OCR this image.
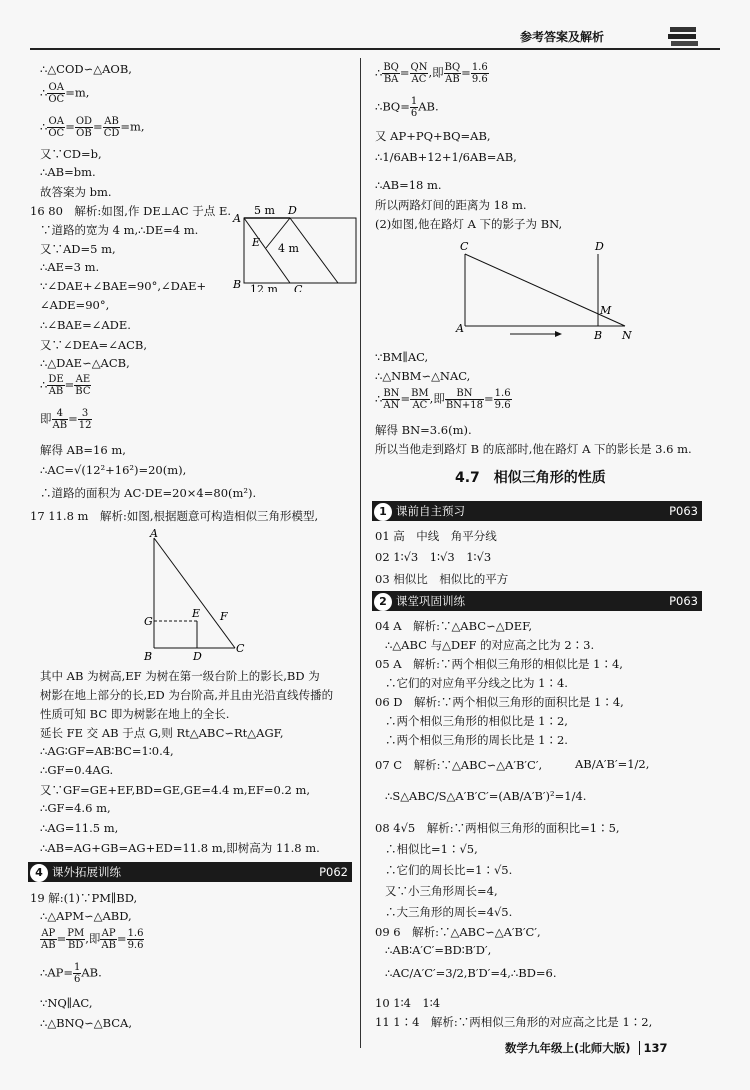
参考答案及解析
∴△COD∽△AOB,
∴ $\frac{OA}{OC} =m$,
∴ $\frac{OA}{OC} = \frac{OD}{OB} = \frac{AB}{CD} =m$,
又∵CD=b,
∴AB=bm.
故答案为 bm.
16 80　解析:如图,作 DE⊥AC 于点 E.
∵道路的宽为 4 m,∴DE=4 m.
又∵AD=5 m,
∴AE=3 m.
∵∠DAE+∠BAE=90°,∠DAE+
∠ADE=90°,
∴∠BAE=∠ADE.
又∵∠DEA=∠ACB,
∴△DAE∽△ACB,
∴ $\frac{DE}{AB} = \frac{AE}{BC}$
即 $\frac{4}{AB} = \frac{3}{12}$
解得 AB=16 m,
∴AC=√(12²+16²)=20(m),
∴道路的面积为 AC·DE=20×4=80(m²).
A
D
E
B	C
5 m
4 m
12 m
17 11.8 m　解析:如图,根据题意可构造相似三角形模型,
A
G
E F
B	D
C
其中 AB 为树高,EF 为树在第一级台阶上的影长,BD 为
树影在地上部分的长,ED 为台阶高,并且由光沿直线传播的
性质可知 BC 即为树影在地上的全长.
延长 FE 交 AB 于点 G,则 Rt△ABC∽Rt△AGF,
∴AG∶GF=AB∶BC=1∶0.4,
∴GF=0.4AG.
又∵GF=GE+EF,BD=GE,GE=4.4 m,EF=0.2 m,
∴GF=4.6 m,
∴AG=11.5 m,
∴AB=AG+GB=AG+ED=11.8 m,即树高为 11.8 m.
4 课外拓展训练	P062
19 解:(1)∵PM∥BD,
∴△APM∽△ABD,
$\frac{AP}{AB} = \frac{PM}{BD}$ ,即 $\frac{AP}{AB} = \frac{1.6}{9.6}$
∴AP= $\frac{1}{6}$ AB.
∵NQ∥AC,
∴△BNQ∽△BCA,
∴ $\frac{BQ}{BA} = \frac{QN}{AC}$ ,即 $\frac{BQ}{AB} = \frac{1.6}{9.6}$
∴BQ= $\frac{1}{6}$ AB.
又 AP+PQ+BQ=AB,
∴1/6AB+12+1/6AB=AB,
∴AB=18 m.
所以两路灯间的距离为 18 m.
(2)如图,他在路灯 A 下的影子为 BN,
C	D
M
A
B N
∵BM∥AC,
∴△NBM∽△NAC,
∴ $\frac{BN}{AN} = \frac{BM}{AC}$ ,即 $\frac{BN}{BN+18} = \frac{1.6}{9.6}$
解得 BN=3.6(m).
所以当他走到路灯 B 的底部时,他在路灯 A 下的影长是 3.6 m.
4.7　相似三角形的性质
1 课前自主预习	P063
01 高　中线　角平分线
02 1∶√3　1∶√3　1∶√3
03 相似比　相似比的平方
2 课堂巩固训练	P063
04 A　解析:∵△ABC∽△DEF,
∴△ABC 与△DEF 的对应高之比为 2∶3.
05 A　解析:∵两个相似三角形的相似比是 1∶4,
∴它们的对应角平分线之比为 1∶4.
06 D　解析:∵两个相似三角形的面积比是 1∶4,
∴两个相似三角形的相似比是 1∶2,
∴两个相似三角形的周长比是 1∶2.
07 C　解析:∵△ABC∽△A′B′C′,	AB/A′B′=1/2,
∴S△ABC/S△A′B′C′=(AB/A′B′)²=1/4.
08 4√5　解析:∵两相似三角形的面积比=1∶5,
∴相似比=1∶√5,
∴它们的周长比=1∶√5.
又∵小三角形周长=4,
∴大三角形的周长=4√5.
09 6　解析:∵△ABC∽△A′B′C′,
∴AB∶A′C′=BD∶B′D′,
∴AC/A′C′=3/2,B′D′=4,∴BD=6.
10 1∶4　1∶4
11 1∶4　解析:∵两相似三角形的对应高之比是 1∶2,
数学九年级上(北师大版) 137
